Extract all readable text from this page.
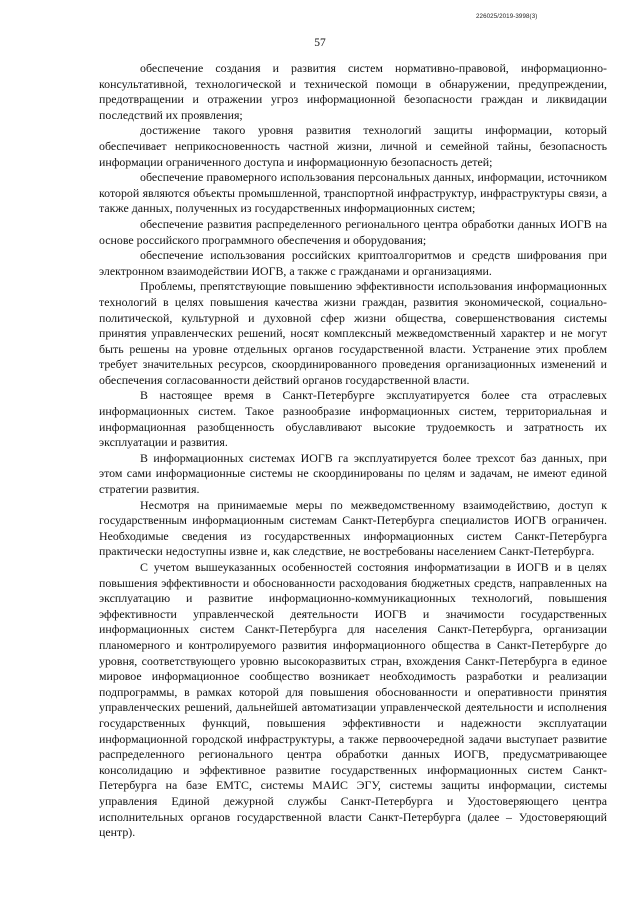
226025/2019-3998(3)
57

обеспечение создания и развития систем нормативно-правовой, информационно-консультативной, технологической и технической помощи в обнаружении, предупреждении, предотвращении и отражении угроз информационной безопасности граждан и ликвидации последствий их проявления;

достижение такого уровня развития технологий защиты информации, который обеспечивает неприкосновенность частной жизни, личной и семейной тайны, безопасность информации ограниченного доступа и информационную безопасность детей;

обеспечение правомерного использования персональных данных, информации, источником которой являются объекты промышленной, транспортной инфраструктур, инфраструктуры связи, а также данных, полученных из государственных информационных систем;

обеспечение развития распределенного регионального центра обработки данных ИОГВ на основе российского программного обеспечения и оборудования;

обеспечение использования российских криптоалгоритмов и средств шифрования при электронном взаимодействии ИОГВ, а также с гражданами и организациями.

Проблемы, препятствующие повышению эффективности использования информационных технологий в целях повышения качества жизни граждан, развития экономической, социально-политической, культурной и духовной сфер жизни общества, совершенствования системы принятия управленческих решений, носят комплексный межведомственный характер и не могут быть решены на уровне отдельных органов государственной власти. Устранение этих проблем требует значительных ресурсов, скоординированного проведения организационных изменений и обеспечения согласованности действий органов государственной власти.

В настоящее время в Санкт-Петербурге эксплуатируется более ста отраслевых информационных систем. Такое разнообразие информационных систем, территориальная и информационная разобщенность обуславливают высокие трудоемкость и затратность их эксплуатации и развития.

В информационных системах ИОГВ га эксплуатируется более трехсот баз данных, при этом сами информационные системы не скоординированы по целям и задачам, не имеют единой стратегии развития.

Несмотря на принимаемые меры по межведомственному взаимодействию, доступ к государственным информационным системам Санкт-Петербурга специалистов ИОГВ ограничен. Необходимые сведения из государственных информационных систем Санкт-Петербурга практически недоступны извне и, как следствие, не востребованы населением Санкт-Петербурга.

С учетом вышеуказанных особенностей состояния информатизации в ИОГВ и в целях повышения эффективности и обоснованности расходования бюджетных средств, направленных на эксплуатацию и развитие информационно-коммуникационных технологий, повышения эффективности управленческой деятельности ИОГВ и значимости государственных информационных систем Санкт-Петербурга для населения Санкт-Петербурга, организации планомерного и контролируемого развития информационного общества в Санкт-Петербурге до уровня, соответствующего уровню высокоразвитых стран, вхождения Санкт-Петербурга в единое мировое информационное сообщество возникает необходимость разработки и реализации подпрограммы, в рамках которой для повышения обоснованности и оперативности принятия управленческих решений, дальнейшей автоматизации управленческой деятельности и исполнения государственных функций, повышения эффективности и надежности эксплуатации информационной городской инфраструктуры, а также первоочередной задачи выступает развитие распределенного регионального центра обработки данных ИОГВ, предусматривающее консолидацию и эффективное развитие государственных информационных систем Санкт-Петербурга на базе ЕМТС, системы МАИС ЭГУ, системы защиты информации, системы управления Единой дежурной службы Санкт-Петербурга и Удостоверяющего центра исполнительных органов государственной власти Санкт-Петербурга (далее – Удостоверяющий центр).
